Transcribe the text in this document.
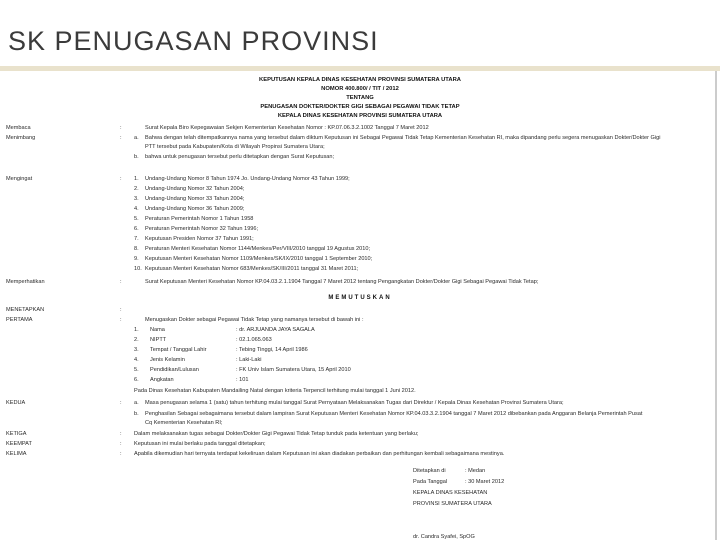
SK PENUGASAN PROVINSI
KEPUTUSAN KEPALA DINAS KESEHATAN PROVINSI SUMATERA UTARA
NOMOR 400.800/ / TIT / 2012
TENTANG
PENUGASAN DOKTER/DOKTER GIGI SEBAGAI PEGAWAI TIDAK TETAP
KEPALA DINAS KESEHATAN PROVINSI SUMATERA UTARA
Membaca	:	Surat Kepala Biro Kepegawaian Sekjen Kementerian Kesehatan Nomor : KP.07.06.3.2.1002 Tanggal 7 Maret 2012
Menimbang	: a. Bahwa dengan telah ditempatkannya nama yang tersebut dalam diktum Keputusan ini Sebagai Pegawai Tidak Tetap Kementerian Kesehatan RI, maka dipandang perlu segera menugaskan Dokter/Dokter Gigi
PTT tersebut pada Kabupaten/Kota di Wilayah Propinsi Sumatera Utara;
b. bahwa untuk penugasan tersebut perlu ditetapkan dengan Surat Keputusan;
Mengingat	: 1. Undang-Undang Nomor 8 Tahun 1974 Jo. Undang-Undang Nomor 43 Tahun 1999;
2. Undang-Undang Nomor 32 Tahun 2004;
3. Undang-Undang Nomor 33 Tahun 2004;
4. Undang-Undang Nomor 36 Tahun 2009;
5. Peraturan Pemerintah Nomor 1 Tahun 1958
6. Peraturan Pemerintah Nomor 32 Tahun 1996;
7. Keputusan Presiden Nomor 37 Tahun 1991;
8. Peraturan Menteri Kesehatan Nomor 1144/Menkes/Per/VIII/2010 tanggal 19 Agustus 2010;
9. Keputusan Menteri Kesehatan Nomor 1109/Menkes/SK/IX/2010 tanggal 1 September 2010;
10. Keputusan Menteri Kesehatan Nomor 683/Menkes/SK/III/2011 tanggal 31 Maret 2011;
Memperhatikan	:	Surat Keputusan Menteri Kesehatan Nomor KP.04.03.2.1.1904 Tanggal 7 Maret 2012 tentang Pengangkatan Dokter/Dokter Gigi Sebagai Pegawai Tidak Tetap;
MEMUTUSKAN
MENETAPKAN	:
PERTAMA	:	Menugaskan Dokter sebagai Pegawai Tidak Tetap yang namanya tersebut di bawah ini :
1. Nama	: dr. ARJUANDA JAYA SAGALA
2. NIPTT	: 02.1.065.063
3. Tempat / Tanggal Lahir	: Tebing Tinggi, 14 April 1986
4. Jenis Kelamin	: Laki-Laki
5. Pendidikan/Lulusan	: FK Univ Islam Sumatera Utara, 15 April 2010
6. Angkatan	: 101
Pada Dinas Kesehatan Kabupaten Mandailing Natal dengan kriteria Terpencil terhitung mulai tanggal 1 Juni 2012.
KEDUA	: a. Masa penugasan selama 1 (satu) tahun terhitung mulai tanggal Surat Pernyataan Melaksanakan Tugas dari Direktur / Kepala Dinas Kesehatan Provinsi Sumatera Utara;
b. Penghasilan Sebagai sebagaimana tersebut dalam lampiran Surat Keputusan Menteri Kesehatan Nomor KP.04.03.3.2.1904 tanggal 7 Maret 2012 dibebankan pada Anggaran Belanja Pemerintah Pusat
Cq Kementerian Kesehatan RI;
KETIGA	: Dalam melaksanakan tugas sebagai Dokter/Dokter Gigi Pegawai Tidak Tetap tunduk pada ketentuan yang berlaku;
KEEMPAT	: Keputusan ini mulai berlaku pada tanggal ditetapkan;
KELIMA	: Apabila dikemudian hari ternyata terdapat kekeliruan dalam Keputusan ini akan diadakan perbaikan dan perhitungan kembali sebagaimana mestinya.
Ditetapkan di	: Medan
Pada Tanggal	: 30 Maret 2012
KEPALA DINAS KESEHATAN
PROVINSI SUMATERA UTARA
dr. Candra Syafei, SpOG
